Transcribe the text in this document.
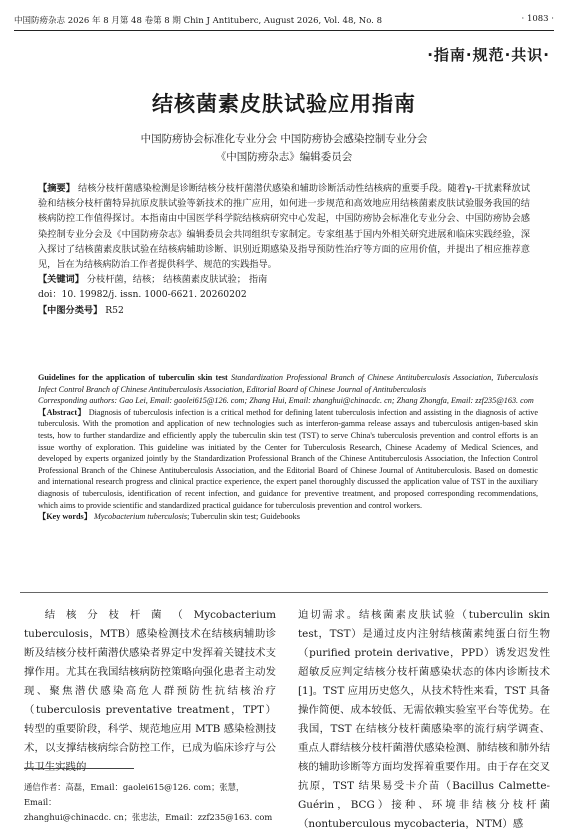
中国防痨杂志 2026 年 8 月第 48 卷第 8 期 Chin J Antituberc, August 2026, Vol. 48, No. 8	· 1083 ·
·指南·规范·共识·
结核菌素皮肤试验应用指南
中国防痨协会标准化专业分会 中国防痨协会感染控制专业分会
《中国防痨杂志》编辑委员会

【摘要】 结核分枝杆菌感染检测是诊断结核分枝杆菌潜伏感染和辅助诊断活动性结核病的重要手段。随着γ-干扰素释放试验和结核分枝杆菌特异抗原皮肤试验等新技术的推广应用，如何进一步规范和高效地应用结核菌素皮肤试验服务我国的结核病防控工作值得探讨。本指南由中国医学科学院结核病研究中心发起，中国防痨协会标准化专业分会、中国防痨协会感染控制专业分会及《中国防痨杂志》编辑委员会共同组织专家制定。专家组基于国内外相关研究进展和临床实践经验，深入探讨了结核菌素皮肤试验在结核病辅助诊断、识别近期感染及指导预防性治疗等方面的应用价值，并提出了相应推荐意见，旨在为结核病防治工作者提供科学、规范的实践指导。

【关键词】 分枝杆菌，结核； 结核菌素皮肤试验； 指南

doi：10. 19982/j. issn. 1000-6621. 20260202

【中图分类号】 R52

Guidelines for the application of tuberculin skin test Standardization Professional Branch of Chinese Antituberculosis Association, Tuberculosis Infect Control Branch of Chinese Antituberculosis Association, Editorial Board of Chinese Journal of Antituberculosis

Corresponding authors: Gao Lei, Email: gaolei615@126. com; Zhang Hui, Email: zhanghui@chinacdc. cn; Zhang Zhongfa, Email: zzf235@163. com

【Abstract】 Diagnosis of tuberculosis infection is a critical method for defining latent tuberculosis infection and assisting in the diagnosis of active tuberculosis. With the promotion and application of new technologies such as interferon-gamma release assays and tuberculosis antigen-based skin tests, how to further standardize and efficiently apply the tuberculin skin test (TST) to serve China's tuberculosis prevention and control efforts is an issue worthy of exploration. This guideline was initiated by the Center for Tuberculosis Research, Chinese Academy of Medical Sciences, and developed by experts organized jointly by the Standardization Professional Branch of the Chinese Antituberculosis Association, the Infection Control Professional Branch of the Chinese Antituberculosis Association, and the Editorial Board of Chinese Journal of Antituberculosis. Based on domestic and international research progress and clinical practice experience, the expert panel thoroughly discussed the application value of TST in the auxiliary diagnosis of tuberculosis, identification of recent infection, and guidance for preventive treatment, and proposed corresponding recommendations, which aims to provide scientific and standardized practical guidance for tuberculosis prevention and control workers.

【Key words】 Mycobacterium tuberculosis; Tuberculin skin test; Guidebooks

结核分枝杆菌（Mycobacterium tuberculosis，MTB）感染检测技术在结核病辅助诊断及结核分枝杆菌潜伏感染者界定中发挥着关键技术支撑作用。尤其在我国结核病防控策略向强化患者主动发现、聚焦潜伏感染高危人群预防性抗结核治疗（tuberculosis preventative treatment，TPT）转型的重要阶段，科学、规范地应用 MTB 感染检测技术，以支撑结核病综合防控工作，已成为临床诊疗与公共卫生实践的

迫切需求。结核菌素皮肤试验（tuberculin skin test，TST）是通过皮内注射结核菌素纯蛋白衍生物（purified protein derivative，PPD）诱发迟发性超敏反应判定结核分枝杆菌感染状态的体内诊断技术[1]。TST 应用历史悠久，从技术特性来看，TST 具备操作简便、成本较低、无需依赖实验室平台等优势。在我国，TST 在结核分枝杆菌感染率的流行病学调查、重点人群结核分枝杆菌潜伏感染检测、肺结核和肺外结核的辅助诊断等方面均发挥着重要作用。由于存在交叉抗原，TST 结果易受卡介苗（Bacillus Calmette-Guérin，BCG）接种、环境非结核分枝杆菌（nontuberculous mycobacteria，NTM）感

通信作者：高磊，Email：gaolei615@126. com；张慧，Email：
zhanghui@chinacdc. cn；张忠法，Email：zzf235@163. com
